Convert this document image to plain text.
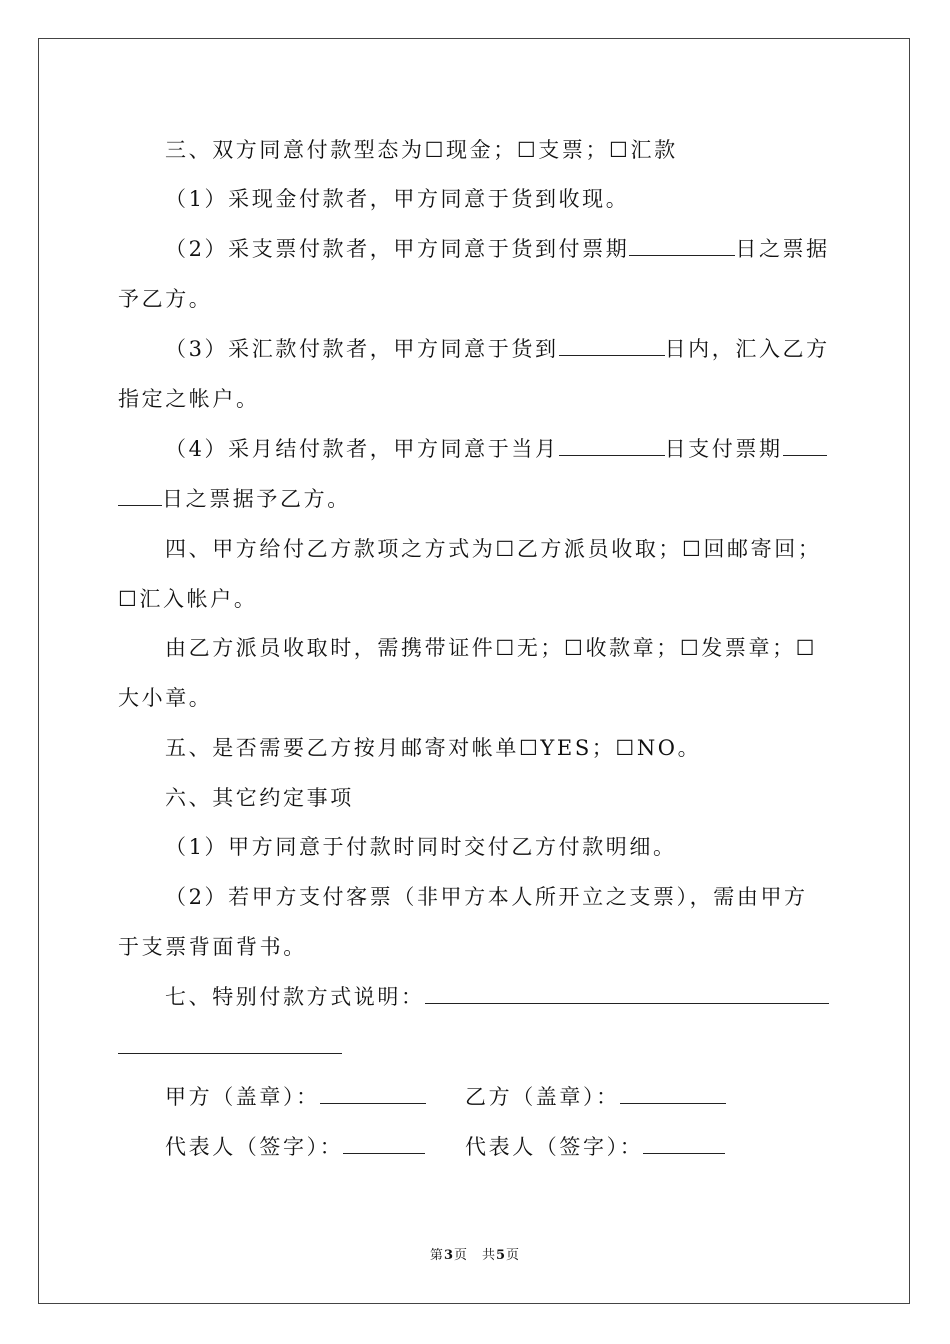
三、双方同意付款型态为☐现金；☐支票；☐汇款
（1）采现金付款者，甲方同意于货到收现。
（2）采支票付款者，甲方同意于货到付票期	日之票据
予乙方。
（3）采汇款付款者，甲方同意于货到	日内，汇入乙方
指定之帐户。
（4）采月结付款者，甲方同意于当月	日支付票期
日之票据予乙方。
四、甲方给付乙方款项之方式为☐乙方派员收取；☐回邮寄回；
☐汇入帐户。
由乙方派员收取时，需携带证件☐无；☐收款章；☐发票章；☐
大小章。
五、是否需要乙方按月邮寄对帐单☐YES；☐NO。
六、其它约定事项
（1）甲方同意于付款时同时交付乙方付款明细。
（2）若甲方支付客票（非甲方本人所开立之支票），需由甲方
于支票背面背书。
七、特别付款方式说明：
甲方（盖章）：	乙方（盖章）：
代表人（签字）：	代表人（签字）：
第3页　共5页
